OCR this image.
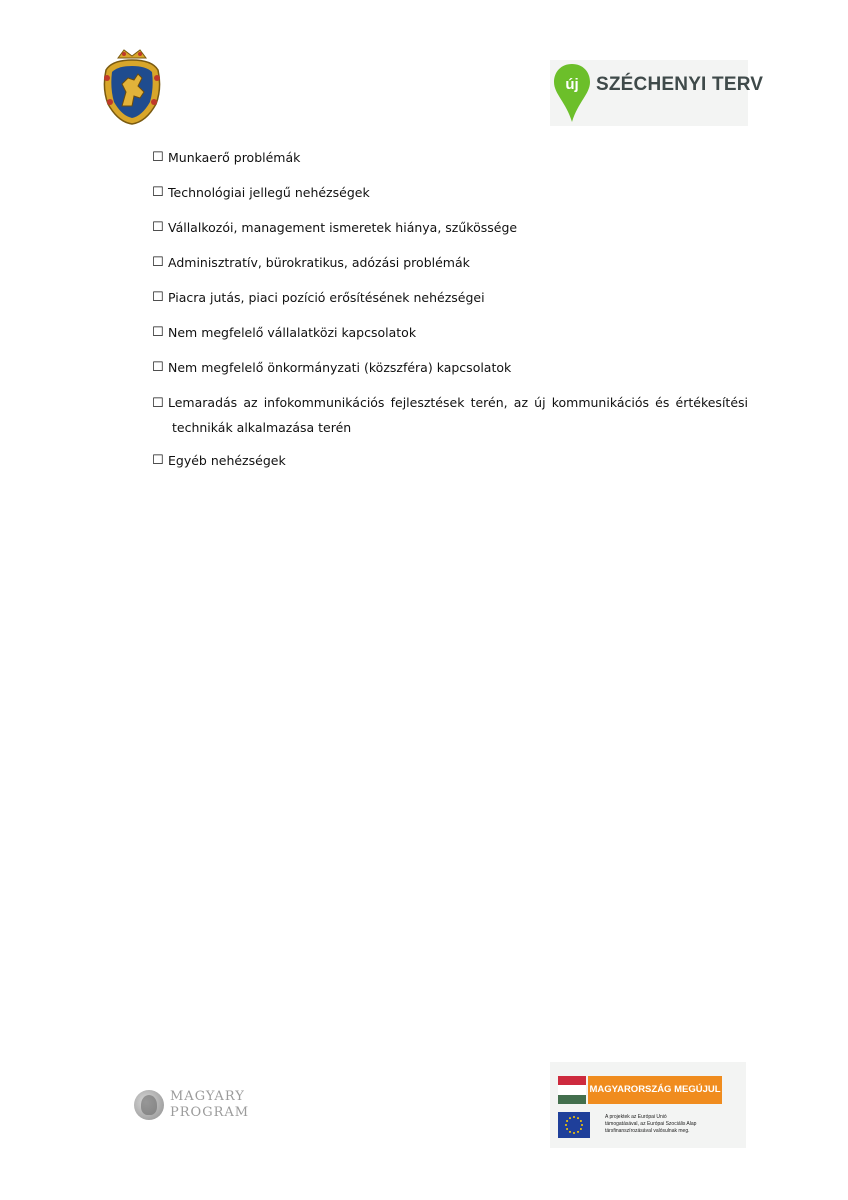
új SZÉCHENYI TERV
☐ Munkaerő problémák
☐ Technológiai jellegű nehézségek
☐ Vállalkozói, management ismeretek hiánya, szűkössége
☐ Adminisztratív, bürokratikus, adózási problémák
☐ Piacra jutás, piaci pozíció erősítésének nehézségei
☐ Nem megfelelő vállalatközi kapcsolatok
☐ Nem megfelelő önkormányzati (közszféra) kapcsolatok
☐ Lemaradás az infokommunikációs fejlesztések terén, az új kommunikációs és értékesítési
technikák alkalmazása terén
☐ Egyéb nehézségek
MAGYARY
PROGRAM
MAGYARORSZÁG MEGÚJUL
A projektek az Európai Unió
támogatásával, az Európai Szociális Alap
társfinanszírozásával valósulnak meg.
